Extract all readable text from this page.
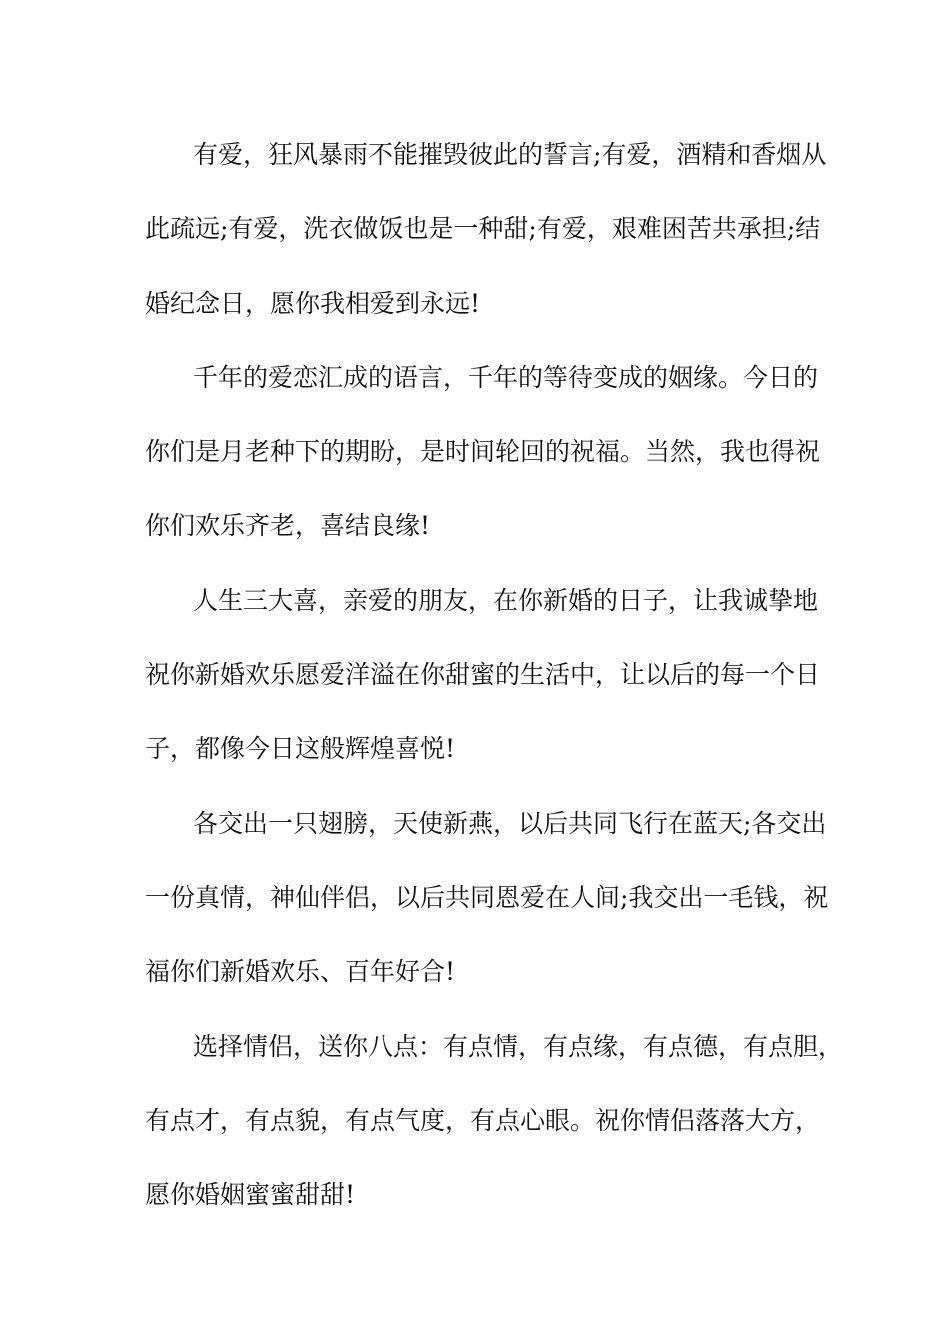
有爱，狂风暴雨不能摧毁彼此的誓言;有爱，酒精和香烟从
此疏远;有爱，洗衣做饭也是一种甜;有爱，艰难困苦共承担;结
婚纪念日，愿你我相爱到永远!
千年的爱恋汇成的语言，千年的等待变成的姻缘。今日的
你们是月老种下的期盼，是时间轮回的祝福。当然，我也得祝
你们欢乐齐老，喜结良缘!
人生三大喜，亲爱的朋友，在你新婚的日子，让我诚挚地
祝你新婚欢乐愿爱洋溢在你甜蜜的生活中，让以后的每一个日
子，都像今日这般辉煌喜悦!
各交出一只翅膀，天使新燕，以后共同飞行在蓝天;各交出
一份真情，神仙伴侣，以后共同恩爱在人间;我交出一毛钱，祝
福你们新婚欢乐、百年好合!
选择情侣，送你八点：有点情，有点缘，有点德，有点胆，
有点才，有点貌，有点气度，有点心眼。祝你情侣落落大方，
愿你婚姻蜜蜜甜甜!
